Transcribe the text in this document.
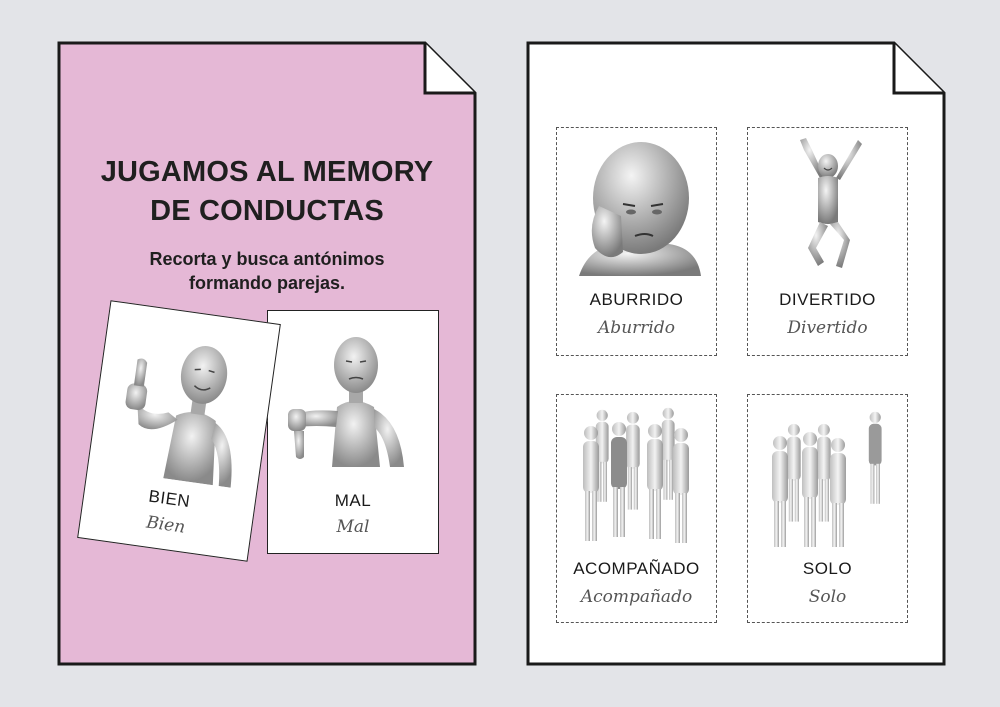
JUGAMOS AL MEMORY
DE CONDUCTAS
Recorta y busca antónimos
formando parejas.
MAL
Mal
BIEN
Bien
ABURRIDO
Aburrido
DIVERTIDO
Divertido
ACOMPAÑADO
Acompañado
SOLO
Solo
